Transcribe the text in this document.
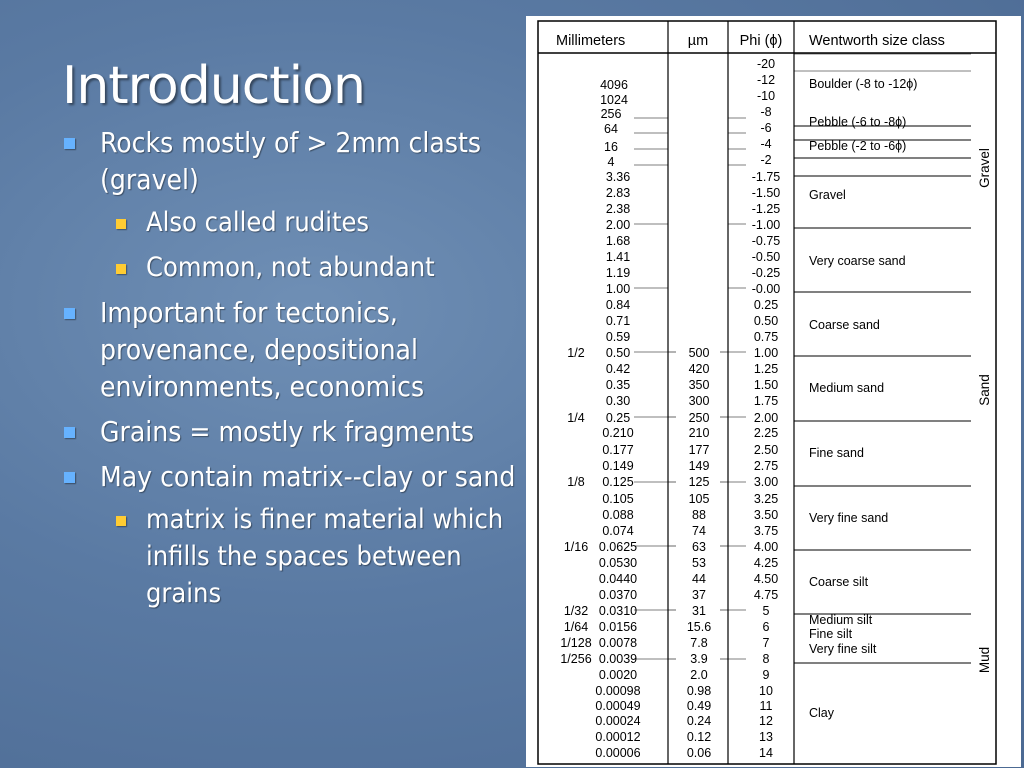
Introduction
Rocks mostly of > 2mm clasts (gravel)
Also called rudites
Common, not abundant
Important for tectonics, provenance, depositional environments, economics
Grains = mostly rk fragments
May contain matrix--clay or sand
matrix is finer material which infills the spaces between grains
Millimeters	µm Phi (ϕ) Wentworth size class
4096
1024
256
64
16
4
3.36
2.83
2.38
2.00
1.68
1.41
1.19
1.00
0.84
0.71
0.59
0.50
0.42
0.35
0.30
0.25
0.210
0.177
0.149
0.125
0.105
0.088
0.074
0.0625
0.0530
0.0440
0.0370
0.0310
0.0156
0.0078
0.0039
0.0020
0.00098
0.00049
0.00024
0.00012
0.00006
1/2
1/4
1/8
1/16
1/32
1/64
1/128
1/256
500
420
350
300
250
210
177
149
125
105
88
74
63
53
44
37
31
15.6
7.8
3.9
2.0
0.98
0.49
0.24
0.12
0.06
-20
-12
-10
-8
-6
-4
-2
-1.75
-1.50
-1.25
-1.00
-0.75
-0.50
-0.25
-0.00
0.25
0.50
0.75
1.00
1.25
1.50
1.75
2.00
2.25
2.50
2.75
3.00
3.25
3.50
3.75
4.00
4.25
4.50
4.75
5
6
7
8
9
10
11
12
13
14
Boulder (-8 to -12ϕ)
Pebble (-6 to -8ϕ)
Pebble (-2 to -6ϕ)
Gravel
Very coarse sand
Coarse sand
Medium sand
Fine sand
Very fine sand
Coarse silt
Medium silt
Fine silt
Very fine silt
Clay
Gravel
Sand
Mud
